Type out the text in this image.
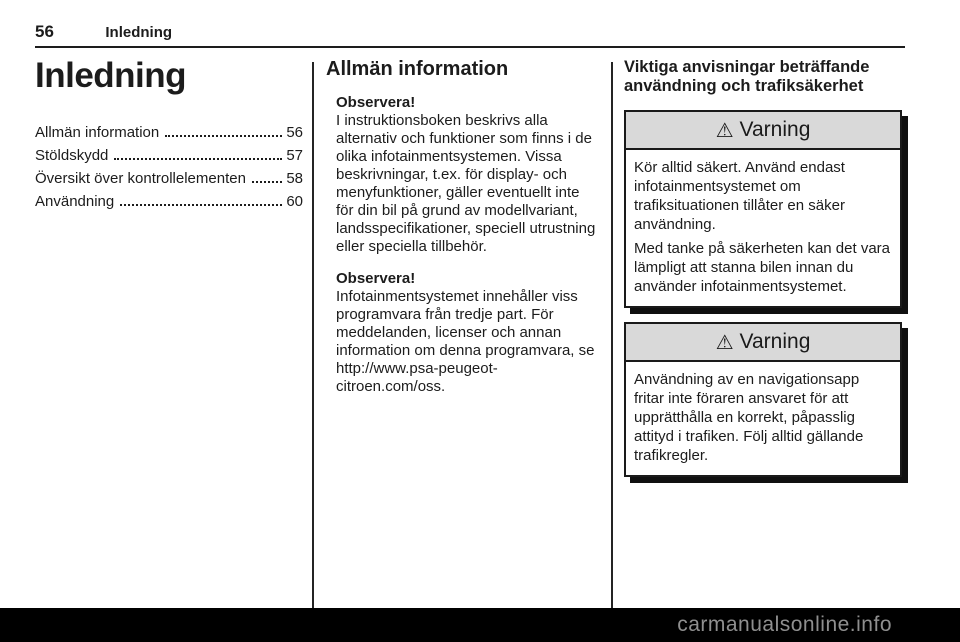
56	Inledning
Inledning
Allmän information	56
Stöldskydd	57
Översikt över kontrollelementen	58
Användning	60
Allmän information
Observera!
I instruktionsboken beskrivs alla alternativ och funktioner som finns i de olika infotainmentsystemen. Vissa beskrivningar, t.ex. för display- och menyfunktioner, gäller eventuellt inte för din bil på grund av modellvariant, landsspecifikationer, speciell utrustning eller speciella tillbehör.
Observera!
Infotainmentsystemet innehåller viss programvara från tredje part. För meddelanden, licenser och annan information om denna programvara, se http://www.psa-peugeot-citroen.com/oss.
Viktiga anvisningar beträffande användning och trafiksäkerhet
⚠ Varning

Kör alltid säkert. Använd endast infotainmentsystemet om trafiksituationen tillåter en säker användning.

Med tanke på säkerheten kan det vara lämpligt att stanna bilen innan du använder infotainmentsystemet.

⚠ Varning

Användning av en navigationsapp fritar inte föraren ansvaret för att upprätthålla en korrekt, påpasslig attityd i trafiken. Följ alltid gällande trafikregler.

carmanualsonline.info
